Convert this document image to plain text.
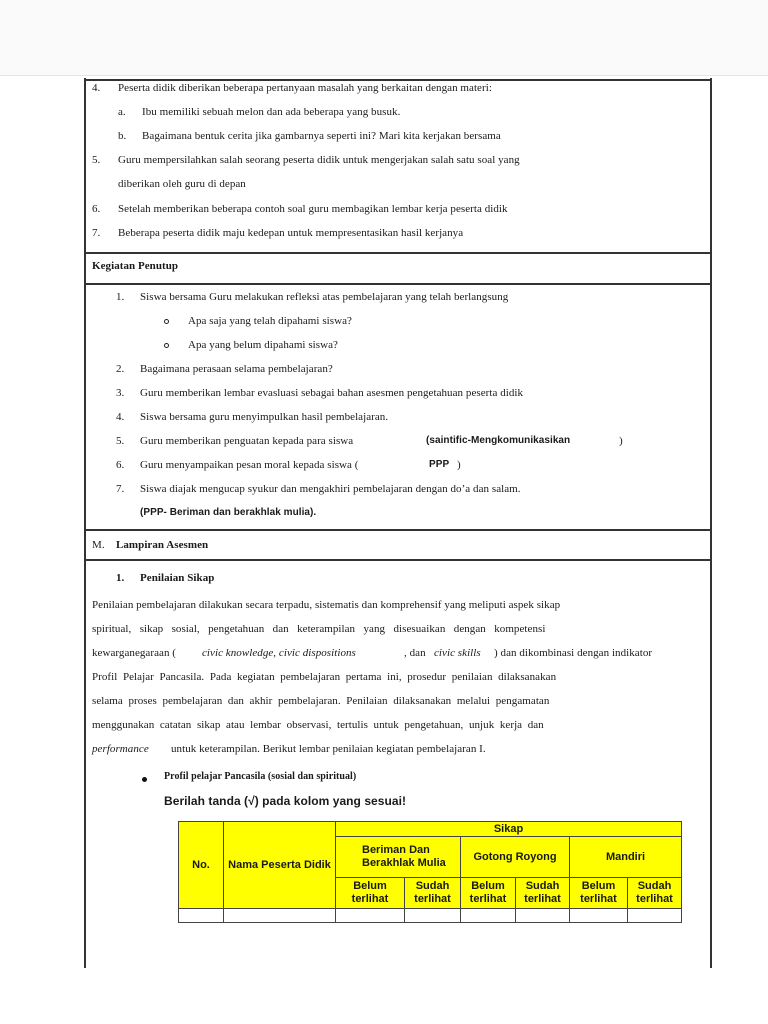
4. Peserta didik diberikan beberapa pertanyaan masalah yang berkaitan dengan materi:
a. Ibu memiliki sebuah melon dan ada beberapa yang busuk.
b. Bagaimana bentuk cerita jika gambarnya seperti ini? Mari kita kerjakan bersama
5. Guru mempersilahkan salah seorang peserta didik untuk mengerjakan salah satu soal yang
diberikan oleh guru di depan
6. Setelah memberikan beberapa contoh soal guru membagikan lembar kerja peserta didik
7. Beberapa peserta didik maju kedepan untuk mempresentasikan hasil kerjanya
Kegiatan Penutup
1. Siswa bersama Guru melakukan refleksi atas pembelajaran yang telah berlangsung
Apa saja yang telah dipahami siswa?
Apa yang belum dipahami siswa?
2. Bagaimana perasaan selama pembelajaran?
3. Guru memberikan lembar evasluasi sebagai bahan asesmen pengetahuan peserta didik
4. Siswa bersama guru menyimpulkan hasil pembelajaran.
5. Guru memberikan penguatan kepada para siswa	(saintific-Mengkomunikasikan	)
6. Guru menyampaikan pesan moral kepada siswa (	PPP )
7. Siswa diajak mengucap syukur dan mengakhiri pembelajaran dengan do’a dan salam.
(PPP- Beriman dan berakhlak mulia).
M. Lampiran Asesmen
1. Penilaian Sikap
Penilaian pembelajaran dilakukan secara terpadu, sistematis dan komprehensif yang meliputi aspek sikap
spiritual,   sikap   sosial,   pengetahuan   dan   keterampilan   yang   disesuaikan   dengan   kompetensi
kewarganegaraan ( civic knowledge, civic dispositions	, dan civic skills ) dan dikombinasi dengan indikator
Profil  Pelajar  Pancasila.  Pada  kegiatan  pembelajaran  pertama  ini,  prosedur  penilaian  dilaksanakan
selama  proses  pembelajaran  dan  akhir  pembelajaran.  Penilaian  dilaksanakan  melalui  pengamatan
menggunakan  catatan  sikap  atau  lembar  observasi,  tertulis  untuk  pengetahuan,  unjuk  kerja  dan
performance untuk keterampilan. Berikut lembar penilaian kegiatan pembelajaran I.
Profil pelajar Pancasila (sosial dan spiritual)
Berilah tanda (√) pada kolom yang sesuai!
No.	Nama Peserta Didik	Sikap					
		Beriman Dan Berakhlak Mulia		Gotong Royong		Mandiri	
		Belum terlihat	Sudah terlihat	Belum terlihat	Sudah terlihat	Belum terlihat	Sudah terlihat
